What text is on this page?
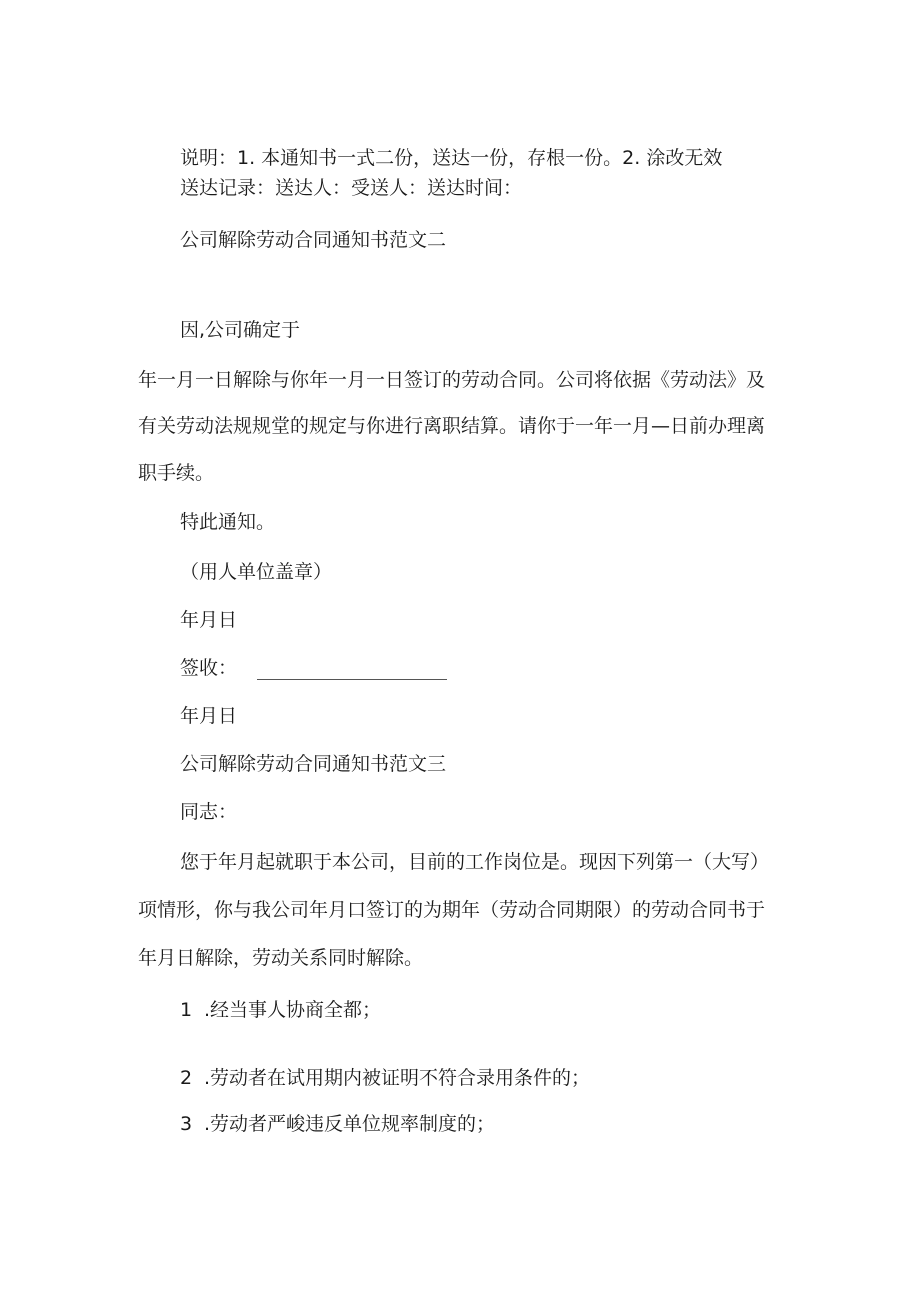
说明：1. 本通知书一式二份，送达一份，存根一份。2. 涂改无效
送达记录：送达人：受送人：送达时间：
公司解除劳动合同通知书范文二
因,公司确定于
年一月一日解除与你年一月一日签订的劳动合同。公司将依据《劳动法》及
有关劳动法规规堂的规定与你进行离职结算。请你于一年一月—日前办理离
职手续。
特此通知。
（用人单位盖章）
年月日
签收：
年月日
公司解除劳动合同通知书范文三
同志：
您于年月起就职于本公司，目前的工作岗位是。现因下列第一（大写）
项情形，你与我公司年月口签订的为期年（劳动合同期限）的劳动合同书于
年月日解除，劳动关系同时解除。
1 .经当事人协商全都；
2 .劳动者在试用期内被证明不符合录用条件的；
3 .劳动者严峻违反单位规率制度的；
